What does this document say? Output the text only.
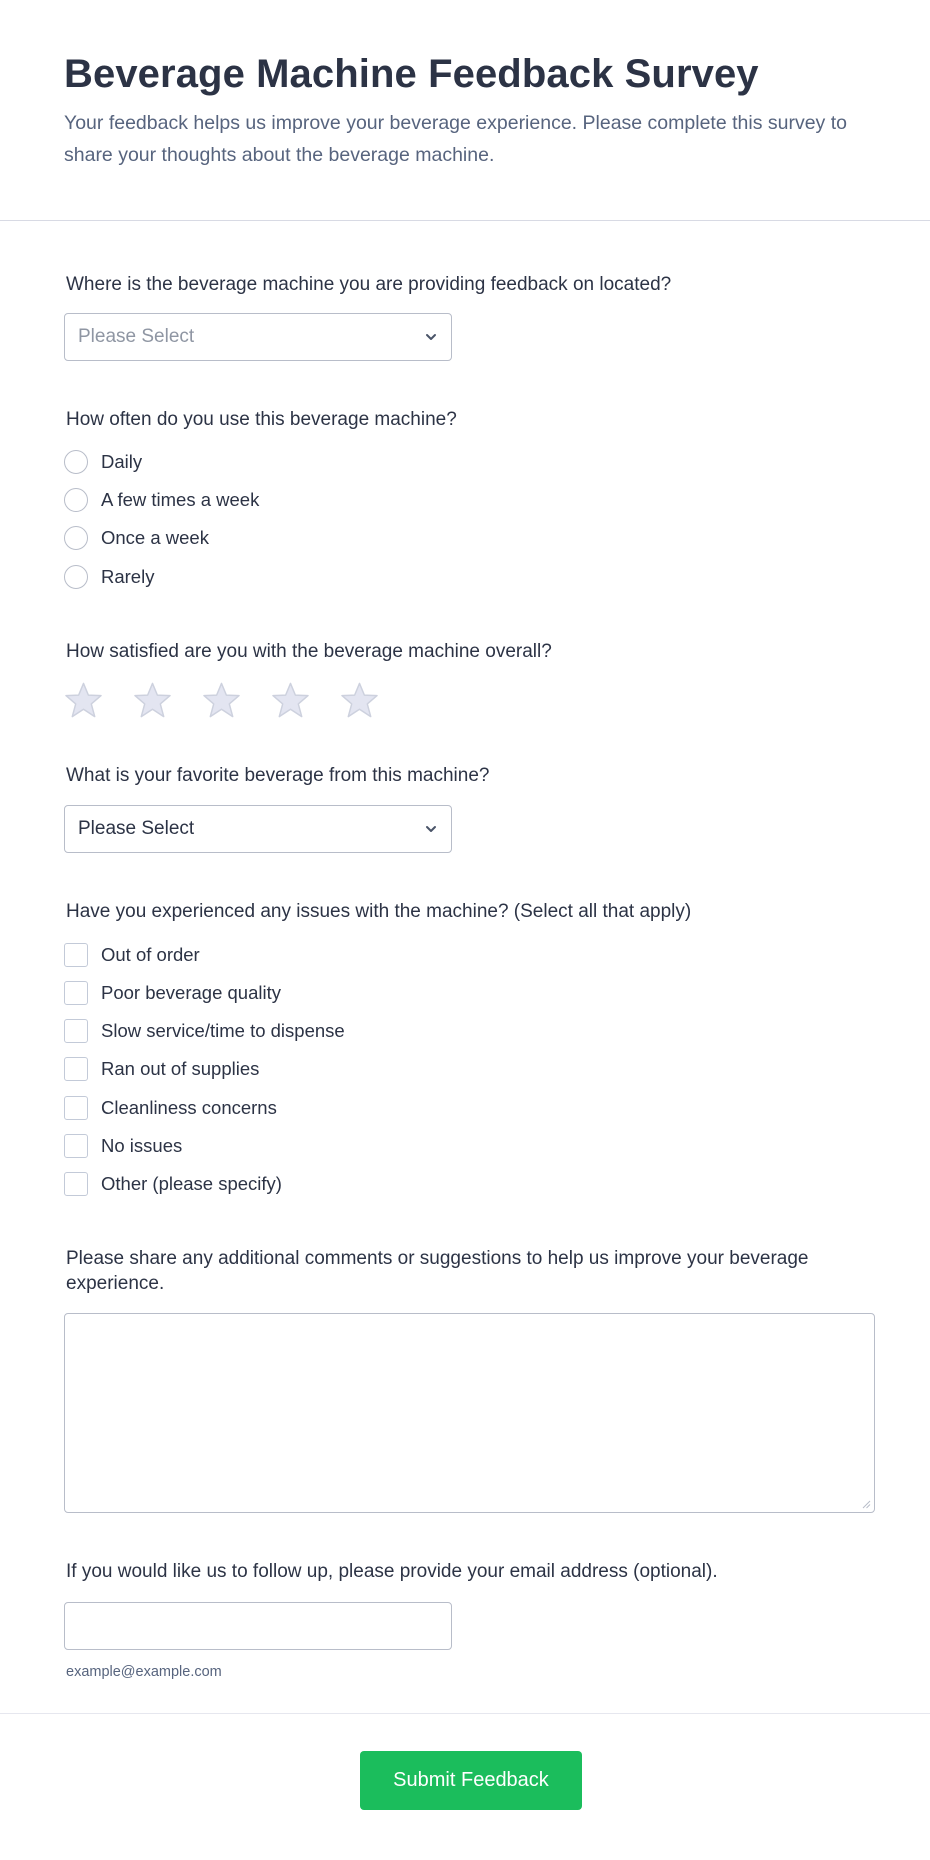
Beverage Machine Feedback Survey

Your feedback helps us improve your beverage experience. Please complete this survey to share your thoughts about the beverage machine.

Where is the beverage machine you are providing feedback on located?
Please Select
How often do you use this beverage machine?
Daily
A few times a week
Once a week
Rarely
How satisfied are you with the beverage machine overall?
What is your favorite beverage from this machine?
Please Select
Have you experienced any issues with the machine? (Select all that apply)
Out of order
Poor beverage quality
Slow service/time to dispense
Ran out of supplies
Cleanliness concerns
No issues
Other (please specify)
Please share any additional comments or suggestions to help us improve your beverage experience.
If you would like us to follow up, please provide your email address (optional).
example@example.com
Submit Feedback
